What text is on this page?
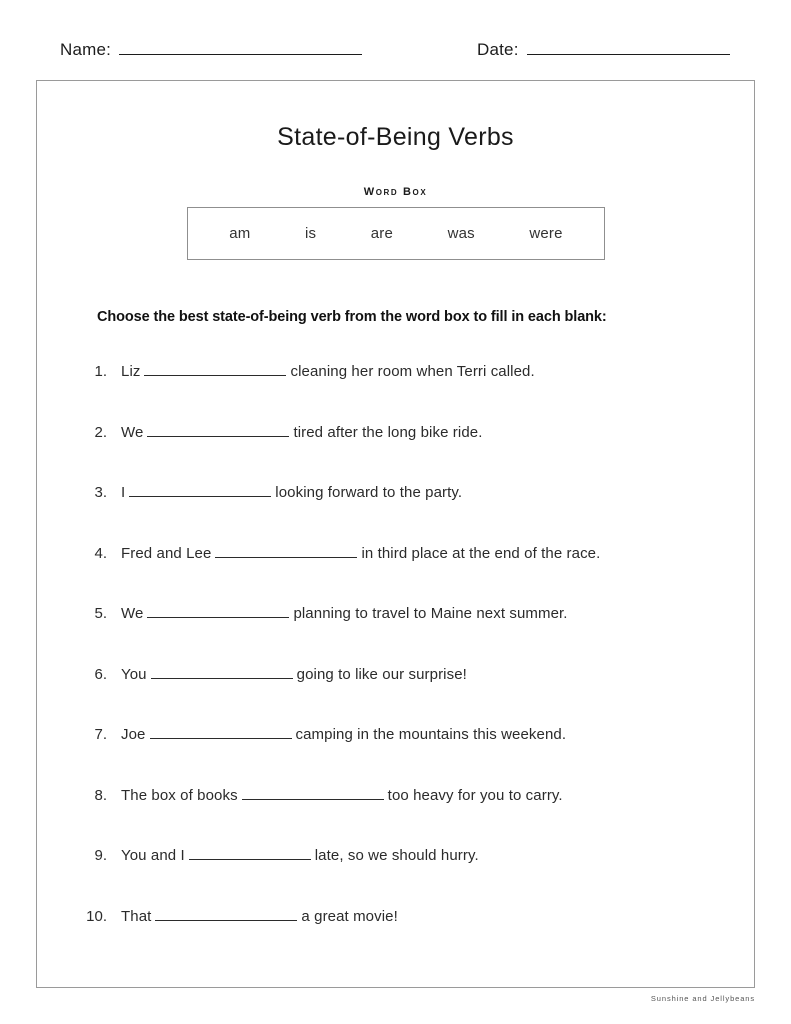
Name:	Date:
State-of-Being Verbs
Word Box
am	is	are	was	were
Choose the best state-of-being verb from the word box to fill in each blank:
1. Liz	cleaning her room when Terri called.
2. We	tired after the long bike ride.
3. I	looking forward to the party.
4. Fred and Lee	in third place at the end of the race.
5. We	planning to travel to Maine next summer.
6. You	going to like our surprise!
7. Joe	camping in the mountains this weekend.
8. The box of books	too heavy for you to carry.
9. You and I	late, so we should hurry.
10. That	a great movie!
Sunshine and Jellybeans
